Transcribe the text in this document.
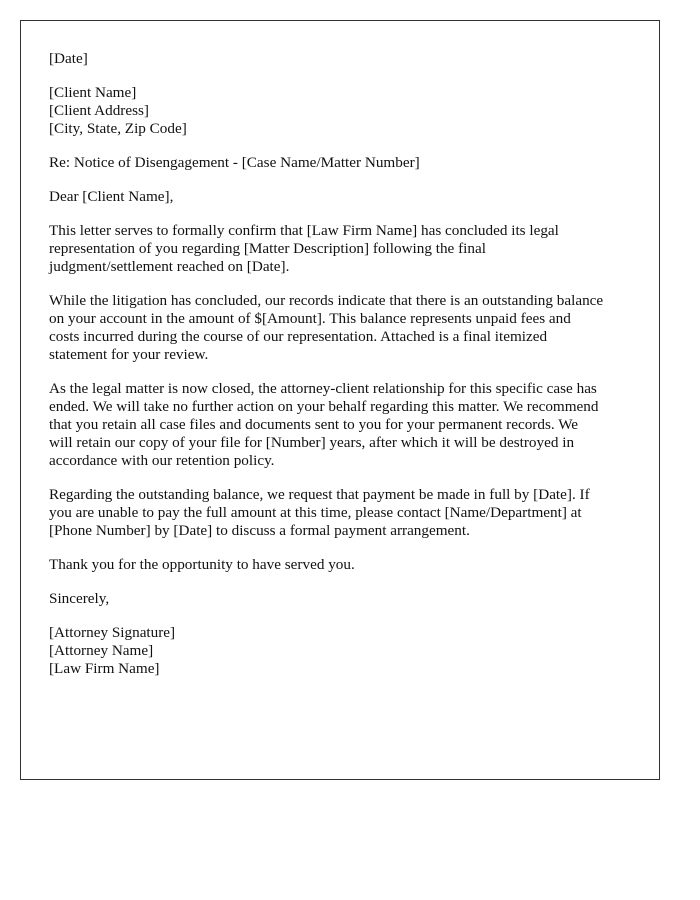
[Date]
[Client Name]
[Client Address]
[City, State, Zip Code]
Re: Notice of Disengagement - [Case Name/Matter Number]
Dear [Client Name],
This letter serves to formally confirm that [Law Firm Name] has concluded its legal
representation of you regarding [Matter Description] following the final
judgment/settlement reached on [Date].
While the litigation has concluded, our records indicate that there is an outstanding balance
on your account in the amount of $[Amount]. This balance represents unpaid fees and
costs incurred during the course of our representation. Attached is a final itemized
statement for your review.
As the legal matter is now closed, the attorney-client relationship for this specific case has
ended. We will take no further action on your behalf regarding this matter. We recommend
that you retain all case files and documents sent to you for your permanent records. We
will retain our copy of your file for [Number] years, after which it will be destroyed in
accordance with our retention policy.
Regarding the outstanding balance, we request that payment be made in full by [Date]. If
you are unable to pay the full amount at this time, please contact [Name/Department] at
[Phone Number] by [Date] to discuss a formal payment arrangement.
Thank you for the opportunity to have served you.
Sincerely,
[Attorney Signature]
[Attorney Name]
[Law Firm Name]
